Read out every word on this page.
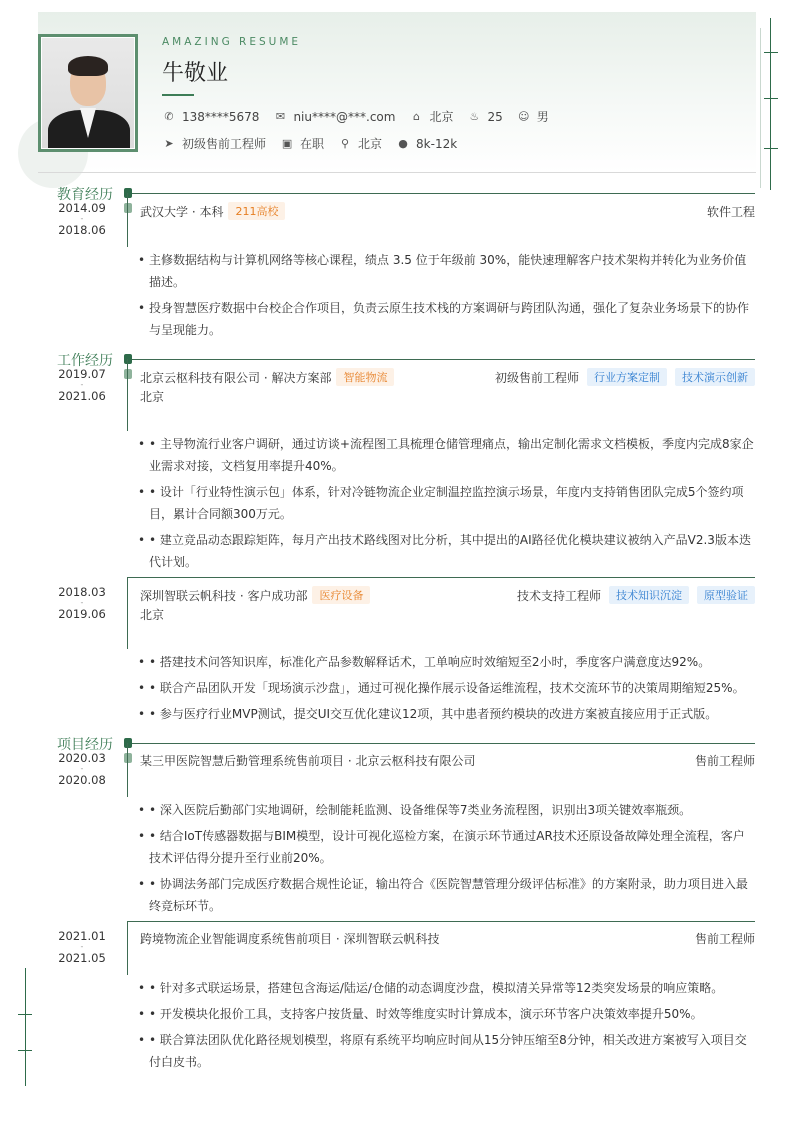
AMAZING RESUME
牛敬业
✆ 138****5678 ✉ niu****@***.com	⌂ 北京 ♨ 25 ☺ 男
➤ 初级售前工程师 ▣ 在职 ⚲ 北京 ● 8k-12k
教育经历
2014.09
-
2018.06
武汉大学 · 本科	211高校	软件工程
• 主修数据结构与计算机网络等核心课程，绩点 3.5 位于年级前 30%，能快速理解客户技术架构并转化为业务价值描述。
• 投身智慧医疗数据中台校企合作项目，负责云原生技术栈的方案调研与跨团队沟通，强化了复杂业务场景下的协作与呈现能力。
工作经历
2019.07
-
2021.06
北京云枢科技有限公司 · 解决方案部	智能物流	初级售前工程师	行业方案定制	技术演示创新
北京
• • 主导物流行业客户调研，通过访谈+流程图工具梳理仓储管理痛点，输出定制化需求文档模板，季度内完成8家企业需求对接，文档复用率提升40%。
• • 设计「行业特性演示包」体系，针对冷链物流企业定制温控监控演示场景，年度内支持销售团队完成5个签约项目，累计合同额300万元。
• • 建立竞品动态跟踪矩阵，每月产出技术路线图对比分析，其中提出的AI路径优化模块建议被纳入产品V2.3版本迭代计划。
2018.03
-
2019.06
深圳智联云帆科技 · 客户成功部	医疗设备	技术支持工程师	技术知识沉淀	原型验证
北京
• • 搭建技术问答知识库，标准化产品参数解释话术，工单响应时效缩短至2小时，季度客户满意度达92%。
• • 联合产品团队开发「现场演示沙盘」，通过可视化操作展示设备运维流程，技术交流环节的决策周期缩短25%。
• • 参与医疗行业MVP测试，提交UI交互优化建议12项，其中患者预约模块的改进方案被直接应用于正式版。
项目经历
2020.03
-
2020.08
某三甲医院智慧后勤管理系统售前项目 · 北京云枢科技有限公司	售前工程师
• • 深入医院后勤部门实地调研，绘制能耗监测、设备维保等7类业务流程图，识别出3项关键效率瓶颈。
• • 结合IoT传感器数据与BIM模型，设计可视化巡检方案，在演示环节通过AR技术还原设备故障处理全流程，客户技术评估得分提升至行业前20%。
• • 协调法务部门完成医疗数据合规性论证，输出符合《医院智慧管理分级评估标准》的方案附录，助力项目进入最终竞标环节。
2021.01
-
2021.05
跨境物流企业智能调度系统售前项目 · 深圳智联云帆科技	售前工程师
• • 针对多式联运场景，搭建包含海运/陆运/仓储的动态调度沙盘，模拟清关异常等12类突发场景的响应策略。
• • 开发模块化报价工具，支持客户按货量、时效等维度实时计算成本，演示环节客户决策效率提升50%。
• • 联合算法团队优化路径规划模型，将原有系统平均响应时间从15分钟压缩至8分钟，相关改进方案被写入项目交付白皮书。
